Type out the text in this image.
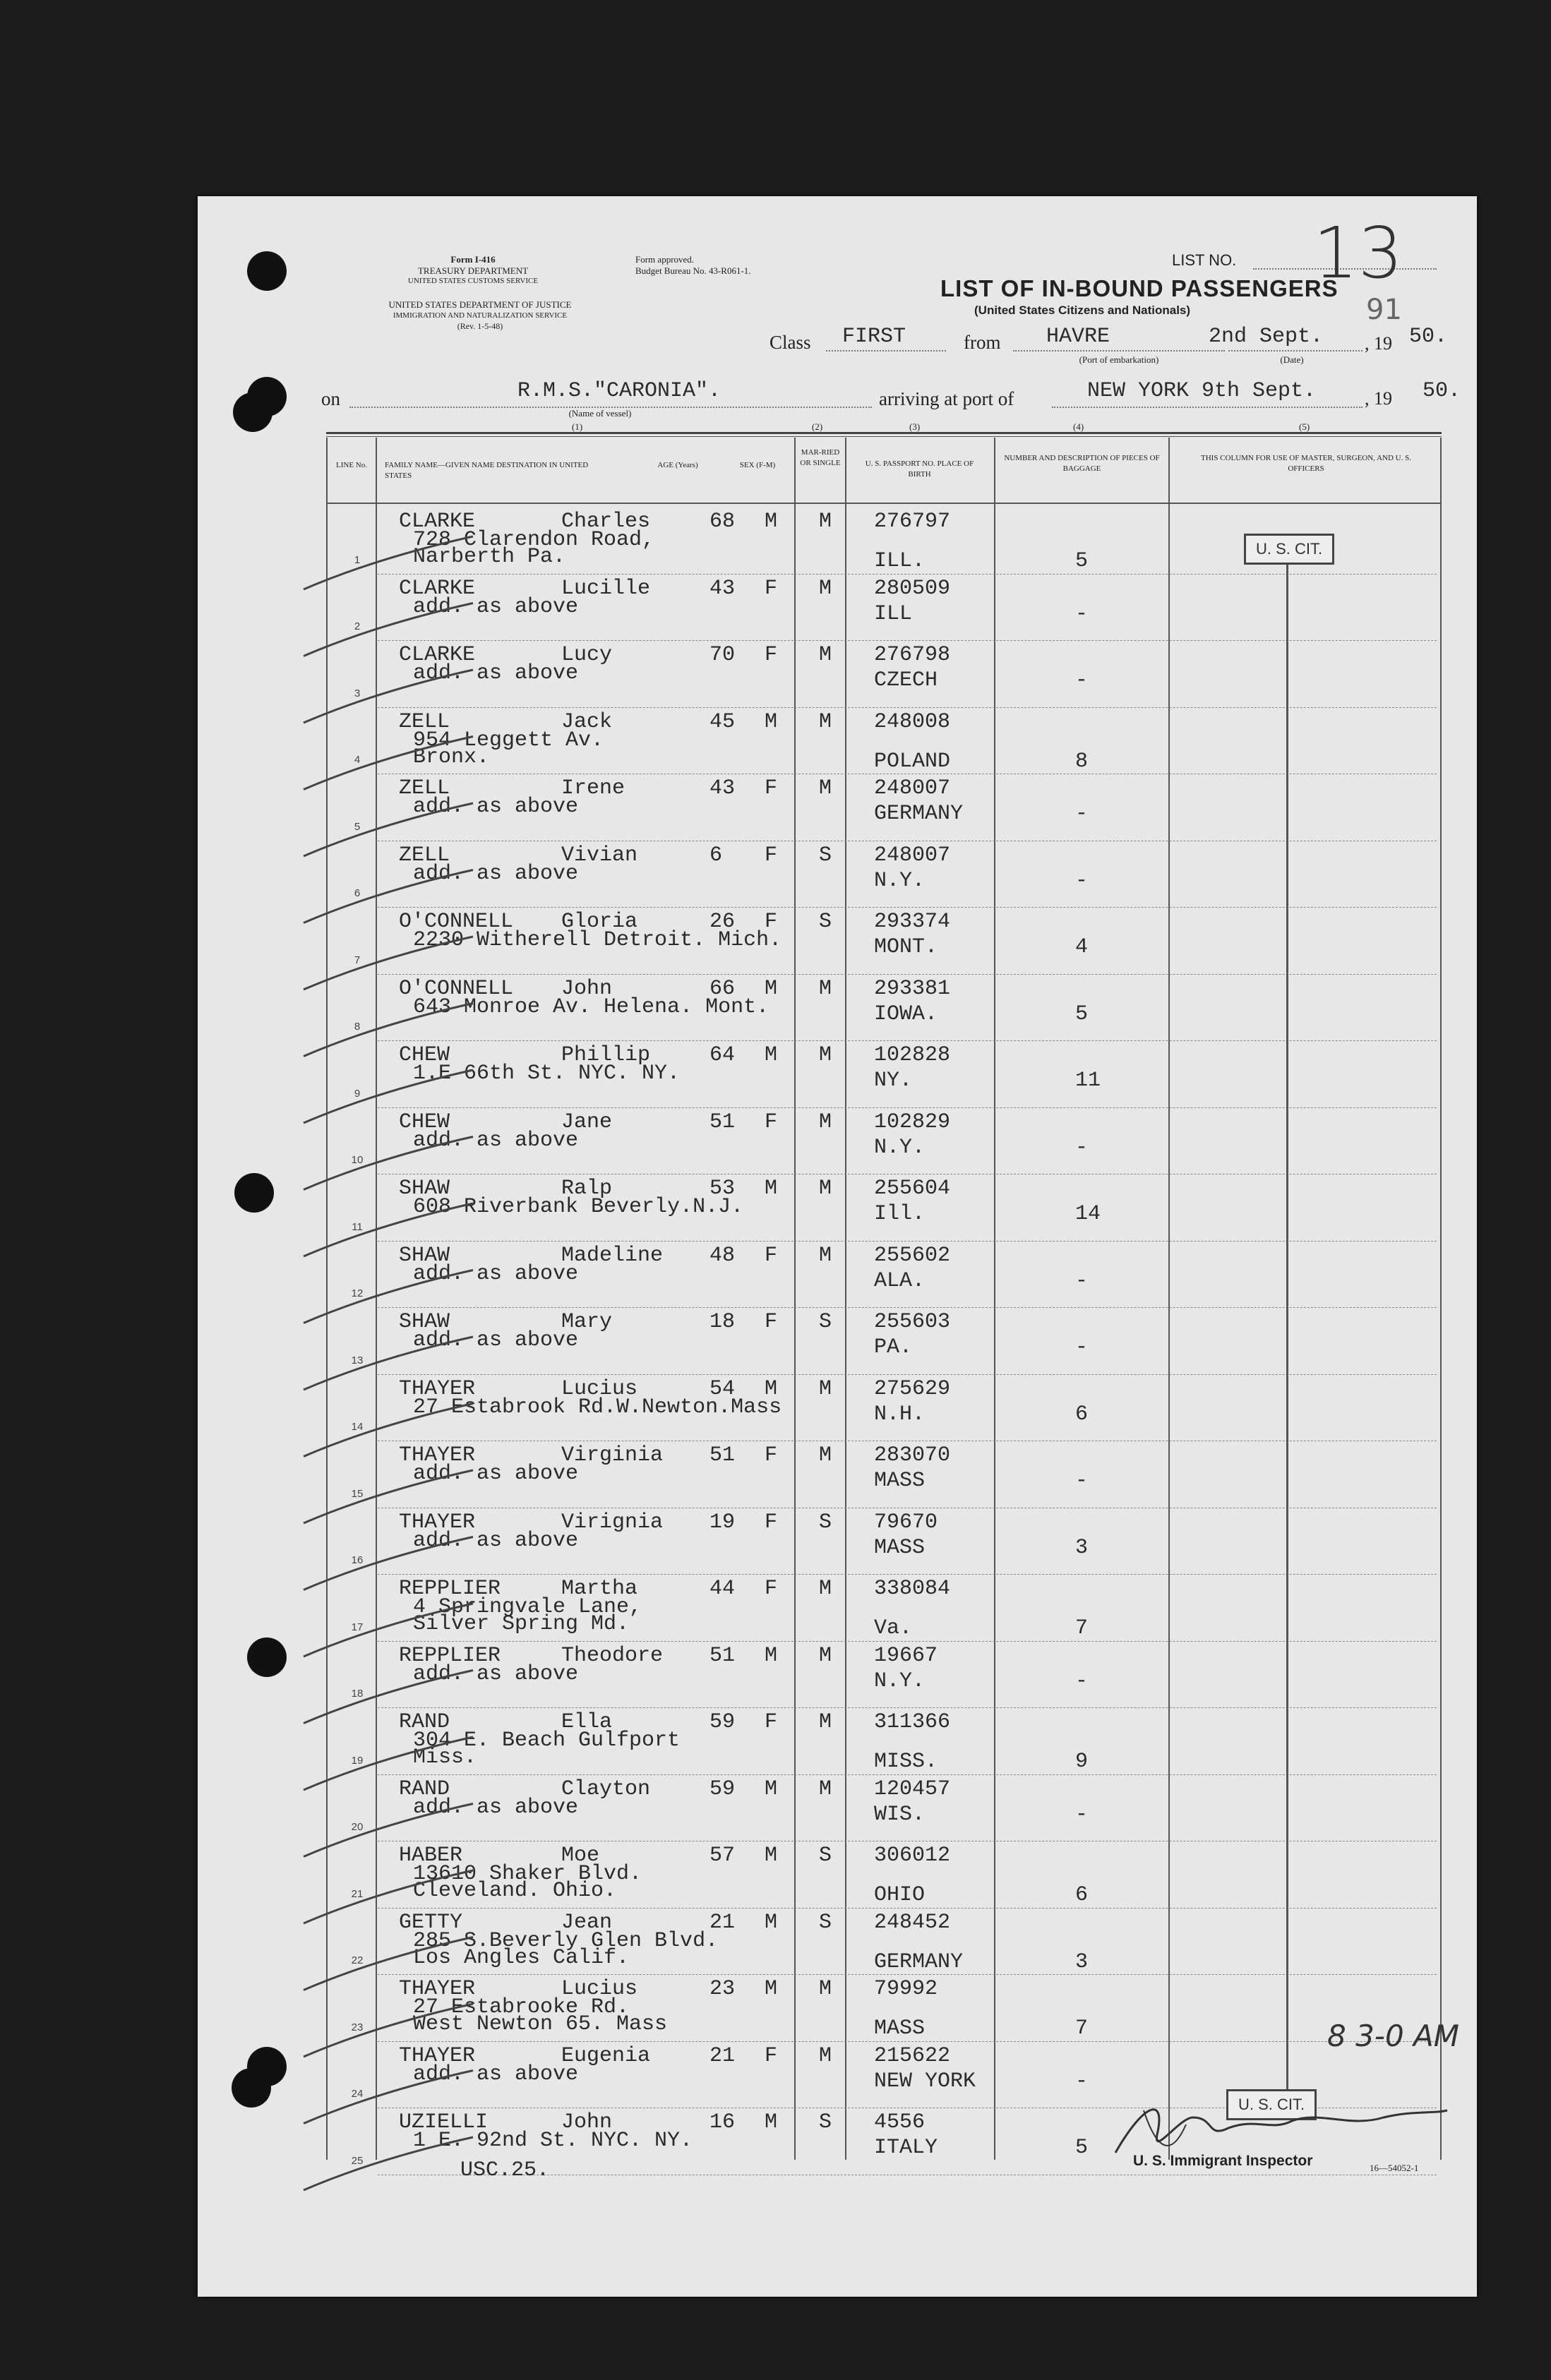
Form I-416
TREASURY DEPARTMENT
UNITED STATES CUSTOMS SERVICE
UNITED STATES DEPARTMENT OF JUSTICE
IMMIGRATION AND NATURALIZATION SERVICE
(Rev. 1-5-48)
Form approved.
Budget Bureau No. 43-R061-1.
LIST NO. 13
91
LIST OF IN-BOUND PASSENGERS
(United States Citizens and Nationals)
Class FIRST	from HAVRE
(Port of embarkation)
2nd Sept.
(Date)
, 19 50.
on	R.M.S."CARONIA".
(Name of vessel)
arriving at port of	NEW YORK 9th Sept.	, 19 50.
(1)	(2)	(3)	(4)	(5)
LINE No.	FAMILY NAME—GIVEN NAME DESTINATION IN UNITED STATES
AGE (Years)	SEX (F-M)
MAR-RIED OR SINGLE	U. S. PASSPORT NO. PLACE OF BIRTH
NUMBER AND DESCRIPTION OF PIECES OF BAGGAGE
THIS COLUMN FOR USE OF MASTER, SURGEON, AND U. S. OFFICERS
1
CLARKE	Charles
728 Clarendon Road,
Narberth Pa.
68 M M 276797
ILL.	5
2
CLARKE	Lucille
add. as above
43 F M 280509
ILL	-
3
CLARKE	Lucy
add. as above
70 F M 276798
CZECH	-
4
ZELL	Jack
954 Leggett Av.
Bronx.
45 M M 248008
POLAND	8
5
ZELL	Irene
add. as above
43 F M 248007
GERMANY	-
6
ZELL	Vivian
add. as above
6 F S 248007
N.Y.	-
7
O'CONNELL Gloria
2230 Witherell Detroit. Mich.
26 F S 293374
MONT.	4
8
O'CONNELL John
643 Monroe Av. Helena. Mont.
66 M M 293381
IOWA.	5
9
CHEW	Phillip
1.E 66th St. NYC. NY.
64 M M 102828
NY.	11
10
CHEW	Jane
add. as above
51 F M 102829
N.Y.	-
11
SHAW	Ralp
608 Riverbank Beverly.N.J.
53 M M 255604
Ill.	14
12
SHAW	Madeline
add. as above
48 F M 255602
ALA.	-
13
SHAW	Mary
add. as above
18 F S 255603
PA.	-
14
THAYER	Lucius
27 Estabrook Rd.W.Newton.Mass
54 M M 275629
N.H.	6
15
THAYER	Virginia
add. as above
51 F M 283070
MASS	-
16
THAYER	Virignia
add. as above
19 F S 79670
MASS	3
17
REPPLIER	Martha
4 Springvale Lane,
Silver Spring Md.
44 F M 338084
Va.	7
18
REPPLIER	Theodore
add. as above
51 M M 19667
N.Y.	-
19
RAND	Ella
304 E. Beach Gulfport
Miss.
59 F M 311366
MISS.	9
20
RAND	Clayton
add. as above
59 M M 120457
WIS.	-
21
HABER	Moe
13610 Shaker Blvd.
Cleveland. Ohio.
57 M S 306012
OHIO	6
22
GETTY	Jean
285 S.Beverly Glen Blvd.
Los Angles Calif.
21 M S 248452
GERMANY	3
23
THAYER	Lucius
27 Estabrooke Rd.
West Newton 65. Mass
23 M M 79992
MASS	7
24
THAYER	Eugenia
add. as above
21 F M 215622
NEW YORK	-
25
UZIELLI	John
1 E. 92nd St. NYC. NY.
16 M S 4556
ITALY	5
U. S. CIT.
U. S. CIT.
8 3-0 AM
USC.25.	U. S. Immigrant Inspector	16—54052-1
